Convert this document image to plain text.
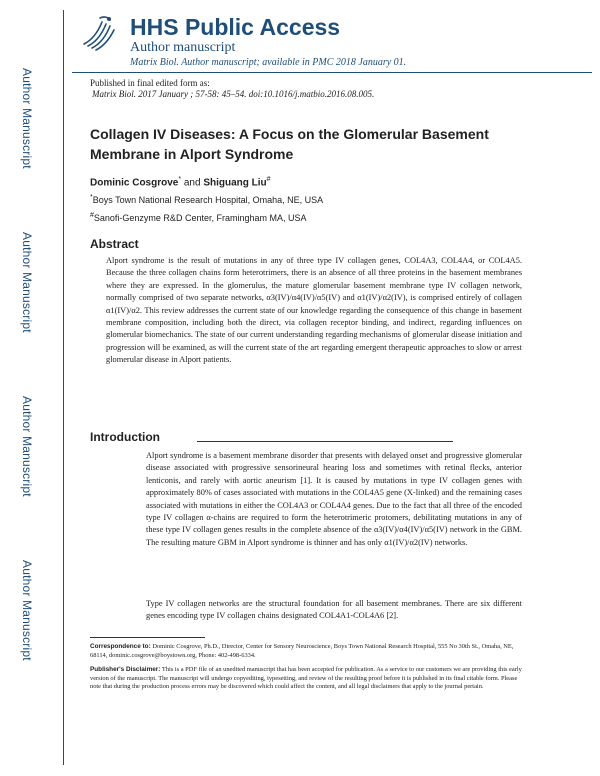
Author Manuscript
Author Manuscript
Author Manuscript
Author Manuscript
HHS Public Access
Author manuscript
Matrix Biol. Author manuscript; available in PMC 2018 January 01.
Published in final edited form as:
Matrix Biol. 2017 January ; 57-58: 45–54. doi:10.1016/j.matbio.2016.08.005.
Collagen IV Diseases: A Focus on the Glomerular Basement Membrane in Alport Syndrome
Dominic Cosgrove* and Shiguang Liu#
*Boys Town National Research Hospital, Omaha, NE, USA
#Sanofi-Genzyme R&D Center, Framingham MA, USA
Abstract

Alport syndrome is the result of mutations in any of three type IV collagen genes, COL4A3, COL4A4, or COL4A5. Because the three collagen chains form heterotrimers, there is an absence of all three proteins in the basement membranes where they are expressed. In the glomerulus, the mature glomerular basement membrane type IV collagen network, normally comprised of two separate networks, α3(IV)/α4(IV)/α5(IV) and α1(IV)/α2(IV), is comprised entirely of collagen α1(IV)/α2. This review addresses the current state of our knowledge regarding the consequence of this change in basement membrane composition, including both the direct, via collagen receptor binding, and indirect, regarding influences on glomerular biomechanics. The state of our current understanding regarding mechanisms of glomerular disease initiation and progression will be examined, as will the current state of the art regarding emergent therapeutic approaches to slow or arrest glomerular disease in Alport patients.

Introduction

Alport syndrome is a basement membrane disorder that presents with delayed onset and progressive glomerular disease associated with progressive sensorineural hearing loss and sometimes with retinal flecks, anterior lenticonis, and rarely with aortic aneurism [1]. It is caused by mutations in type IV collagen genes with approximately 80% of cases associated with mutations in the COL4A5 gene (X-linked) and the remaining cases associated with mutations in either the COL4A3 or COL4A4 genes. Due to the fact that all three of the encoded type IV collagen α-chains are required to form the heterotrimeric protomers, debilitating mutations in any of these type IV collagen genes results in the complete absence of the α3(IV)/α4(IV)/α5(IV) network in the GBM. The resulting mature GBM in Alport syndrome is thinner and has only α1(IV)/α2(IV) networks.

Type IV collagen networks are the structural foundation for all basement membranes. There are six different genes encoding type IV collagen chains designated COL4A1-COL4A6 [2].

Correspondence to: Dominic Cosgrove, Ph.D., Director, Center for Sensory Neuroscience, Boys Town National Research Hospital, 555 No 30th St., Omaha, NE, 68114, dominic.cosgrove@boystown.org, Phone: 402-498-6334.

Publisher's Disclaimer: This is a PDF file of an unedited manuscript that has been accepted for publication. As a service to our customers we are providing this early version of the manuscript. The manuscript will undergo copyediting, typesetting, and review of the resulting proof before it is published in its final citable form. Please note that during the production process errors may be discovered which could affect the content, and all legal disclaimers that apply to the journal pertain.
